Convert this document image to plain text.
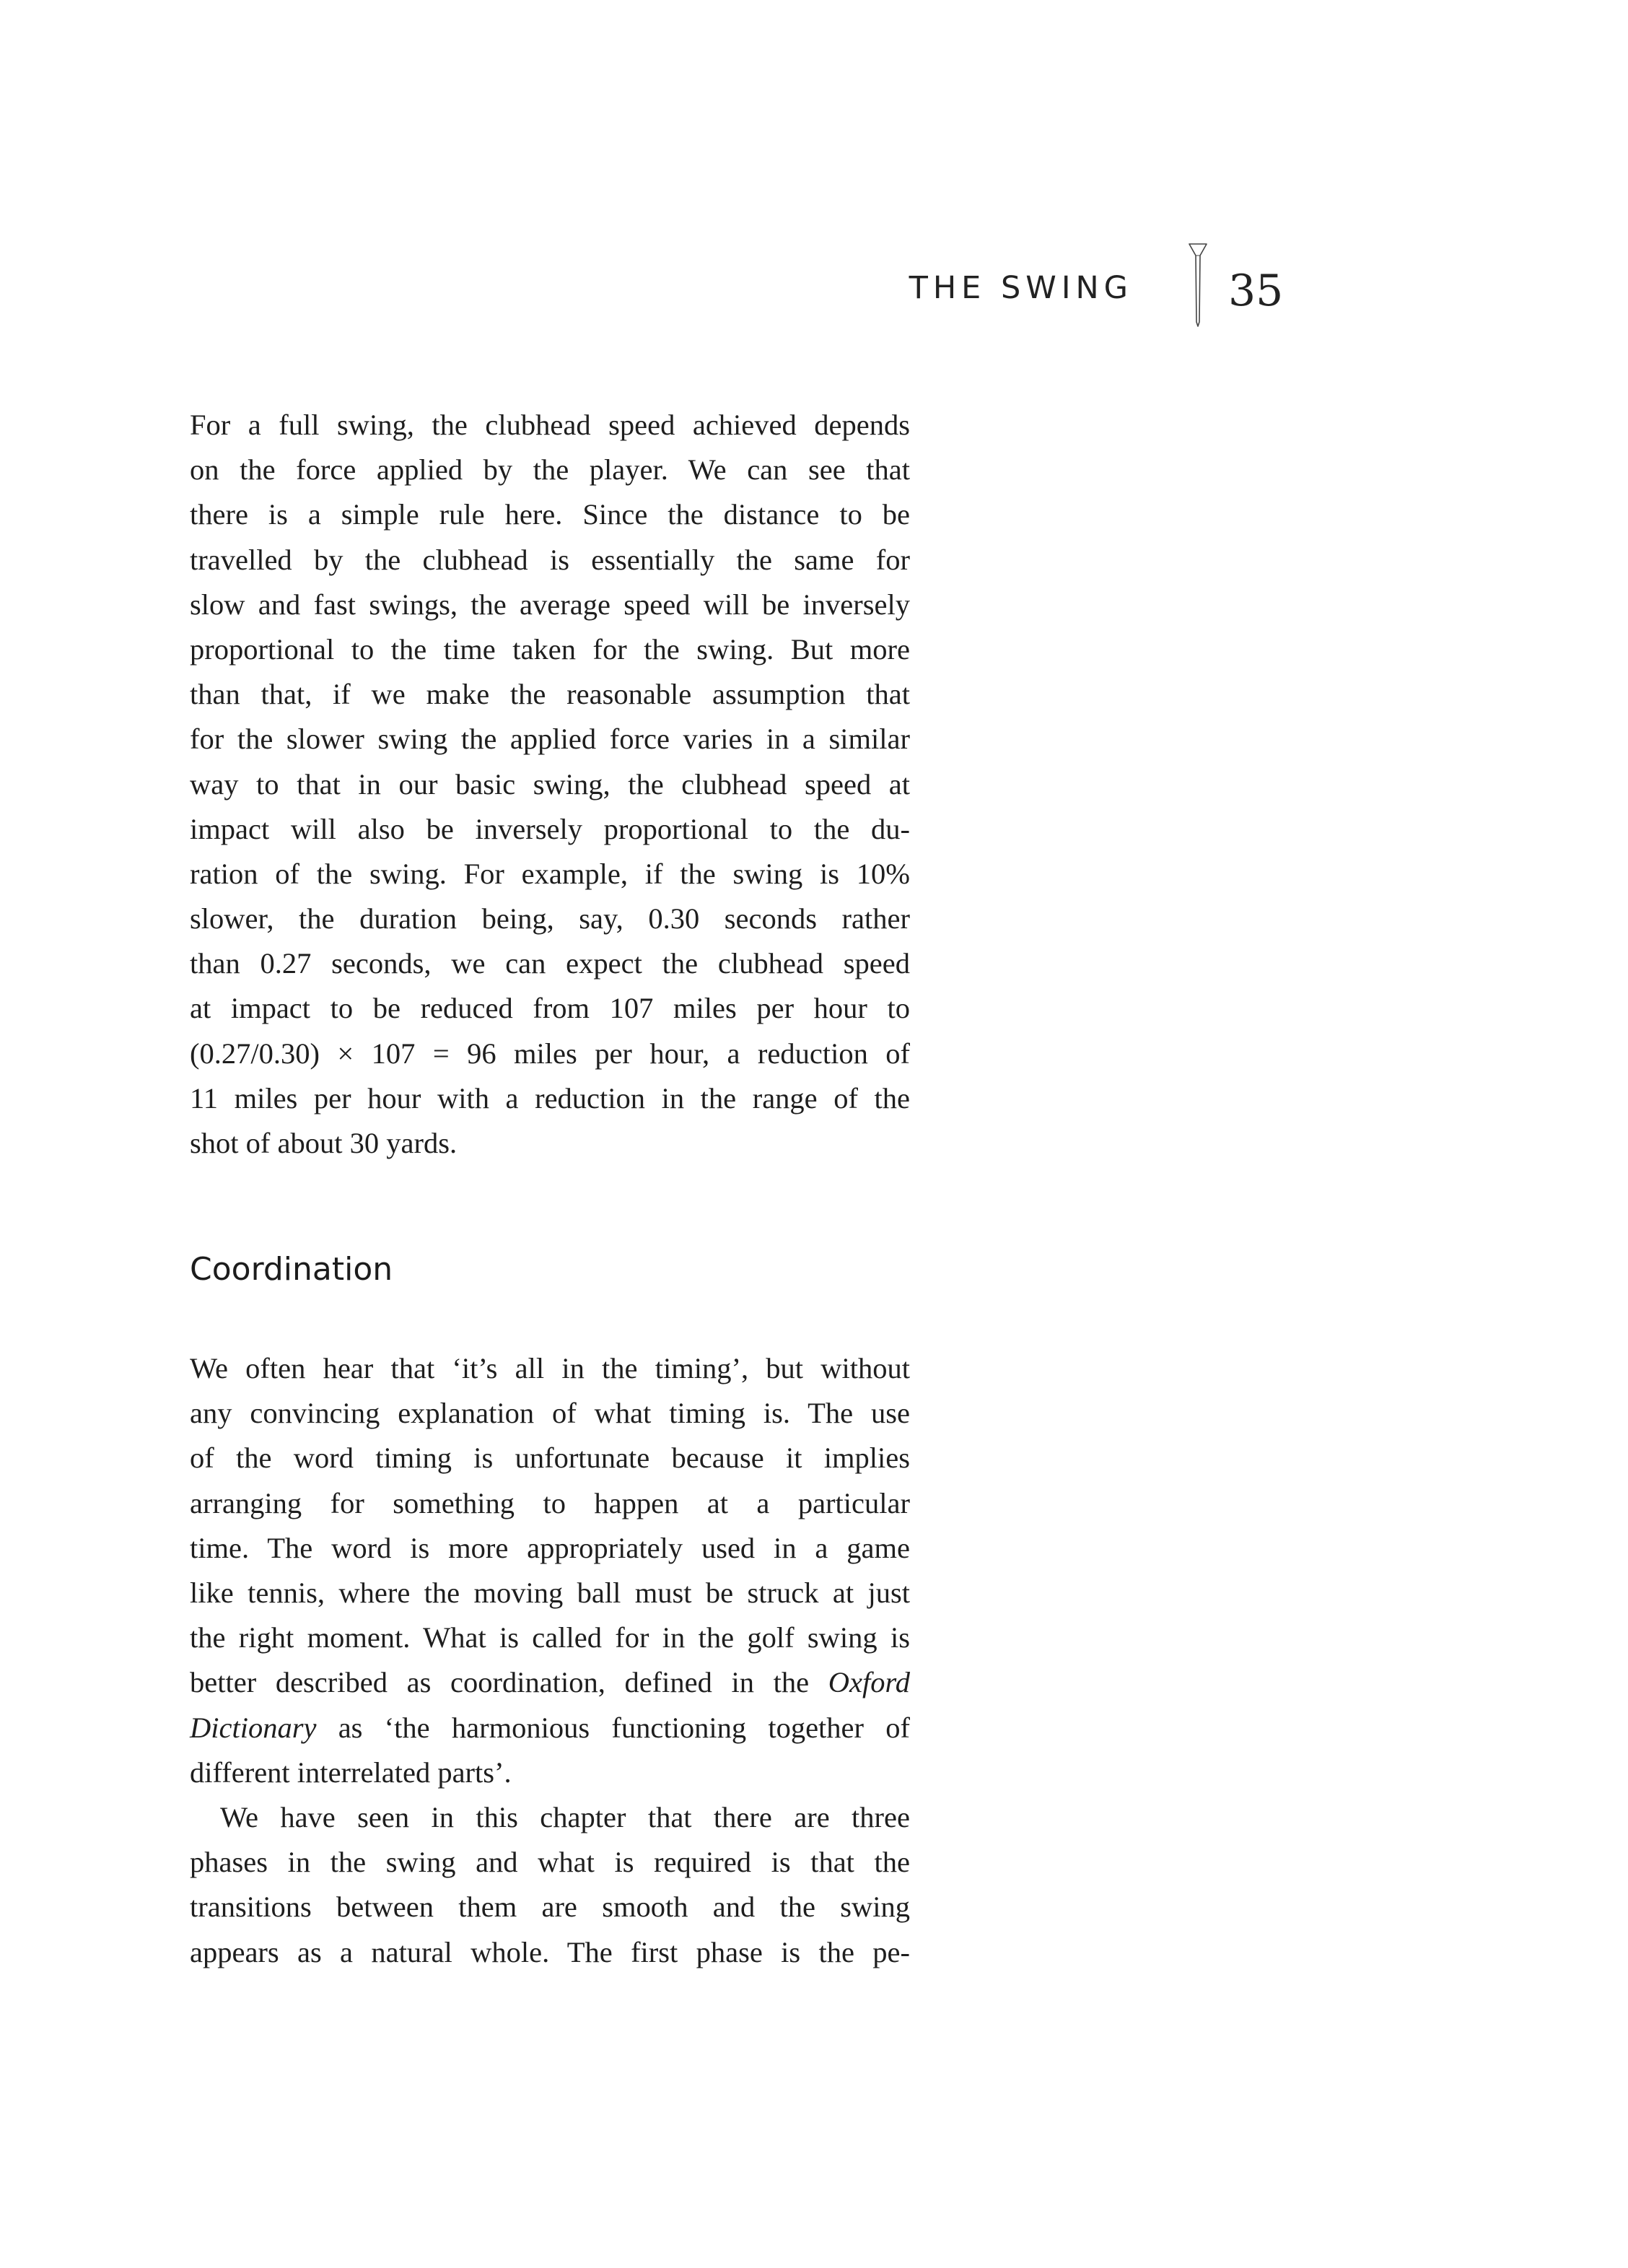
THE SWING 35
For a full swing, the clubhead speed achieved depends
on the force applied by the player. We can see that
there is a simple rule here. Since the distance to be
travelled by the clubhead is essentially the same for
slow and fast swings, the average speed will be inversely
proportional to the time taken for the swing. But more
than that, if we make the reasonable assumption that
for the slower swing the applied force varies in a similar
way to that in our basic swing, the clubhead speed at
impact will also be inversely proportional to the du-
ration of the swing. For example, if the swing is 10%
slower, the duration being, say, 0.30 seconds rather
than 0.27 seconds, we can expect the clubhead speed
at impact to be reduced from 107 miles per hour to
(0.27/0.30) × 107 = 96 miles per hour, a reduction of
11 miles per hour with a reduction in the range of the
shot of about 30 yards.
Coordination
We often hear that ‘it’s all in the timing’, but without
any convincing explanation of what timing is. The use
of the word timing is unfortunate because it implies
arranging for something to happen at a particular
time. The word is more appropriately used in a game
like tennis, where the moving ball must be struck at just
the right moment. What is called for in the golf swing is
better described as coordination, defined in the Oxford
Dictionary as ‘the harmonious functioning together of
different interrelated parts’.
We have seen in this chapter that there are three
phases in the swing and what is required is that the
transitions between them are smooth and the swing
appears as a natural whole. The first phase is the pe-
